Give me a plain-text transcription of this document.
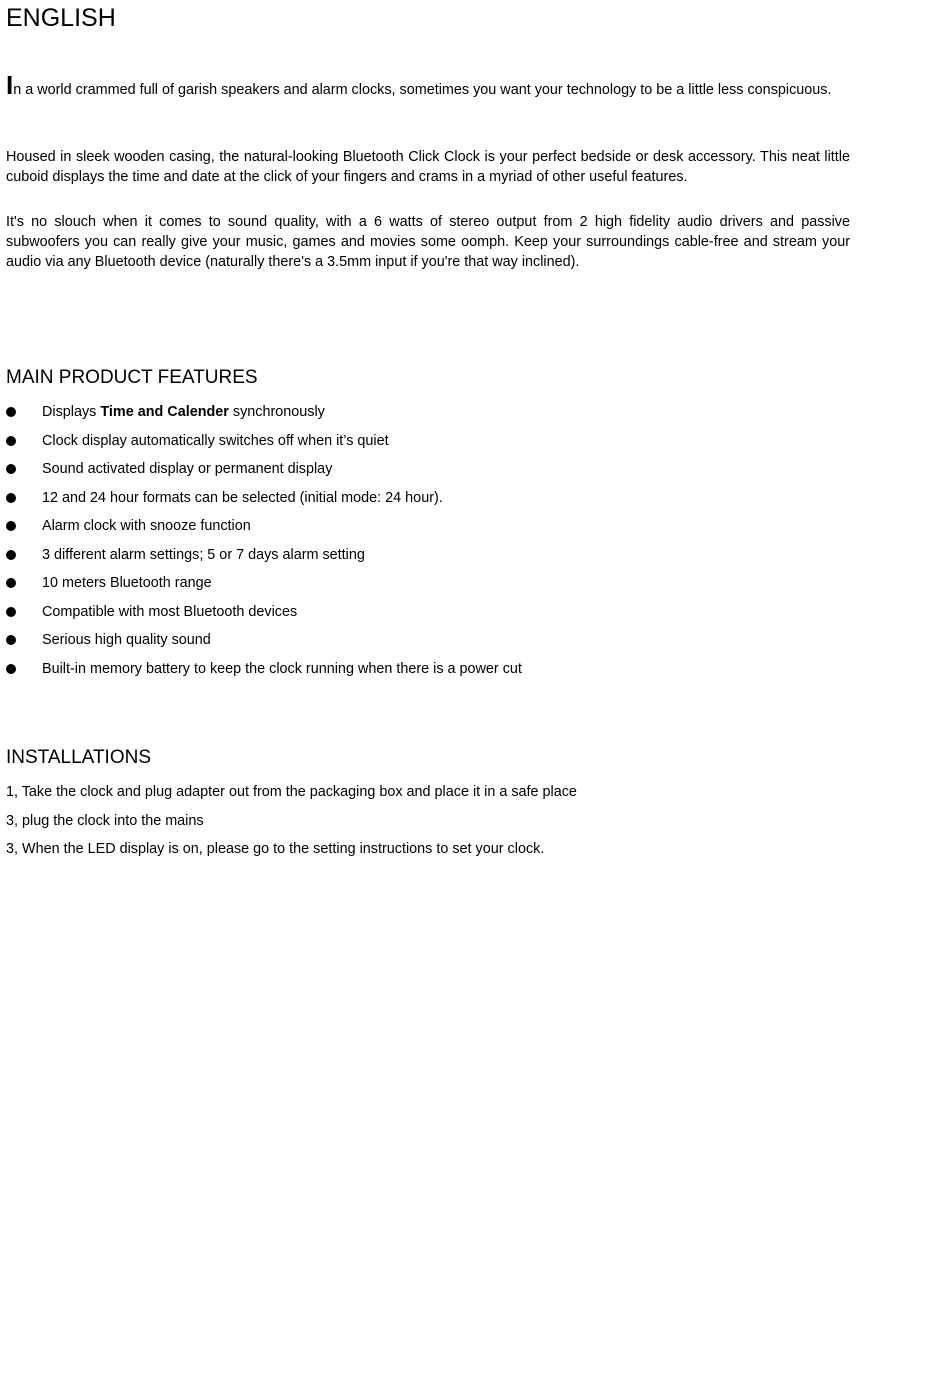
ENGLISH

In a world crammed full of garish speakers and alarm clocks, sometimes you want your technology to be a little less conspicuous.

Housed in sleek wooden casing, the natural-looking Bluetooth Click Clock is your perfect bedside or desk accessory. This neat little cuboid displays the time and date at the click of your fingers and crams in a myriad of other useful features.

It's no slouch when it comes to sound quality, with a 6 watts of stereo output from 2 high fidelity audio drivers and passive subwoofers you can really give your music, games and movies some oomph. Keep your surroundings cable-free and stream your audio via any Bluetooth device (naturally there's a 3.5mm input if you're that way inclined).

MAIN PRODUCT FEATURES
Displays Time and Calender synchronously
Clock display automatically switches off when it’s quiet
Sound activated display or permanent display
12 and 24 hour formats can be selected (initial mode: 24 hour).
Alarm clock with snooze function
3 different alarm settings; 5 or 7 days alarm setting
10 meters Bluetooth range
Compatible with most Bluetooth devices
Serious high quality sound
Built-in memory battery to keep the clock running when there is a power cut
INSTALLATIONS
1, Take the clock and plug adapter out from the packaging box and place it in a safe place
3, plug the clock into the mains
3, When the LED display is on, please go to the setting instructions to set your clock.
